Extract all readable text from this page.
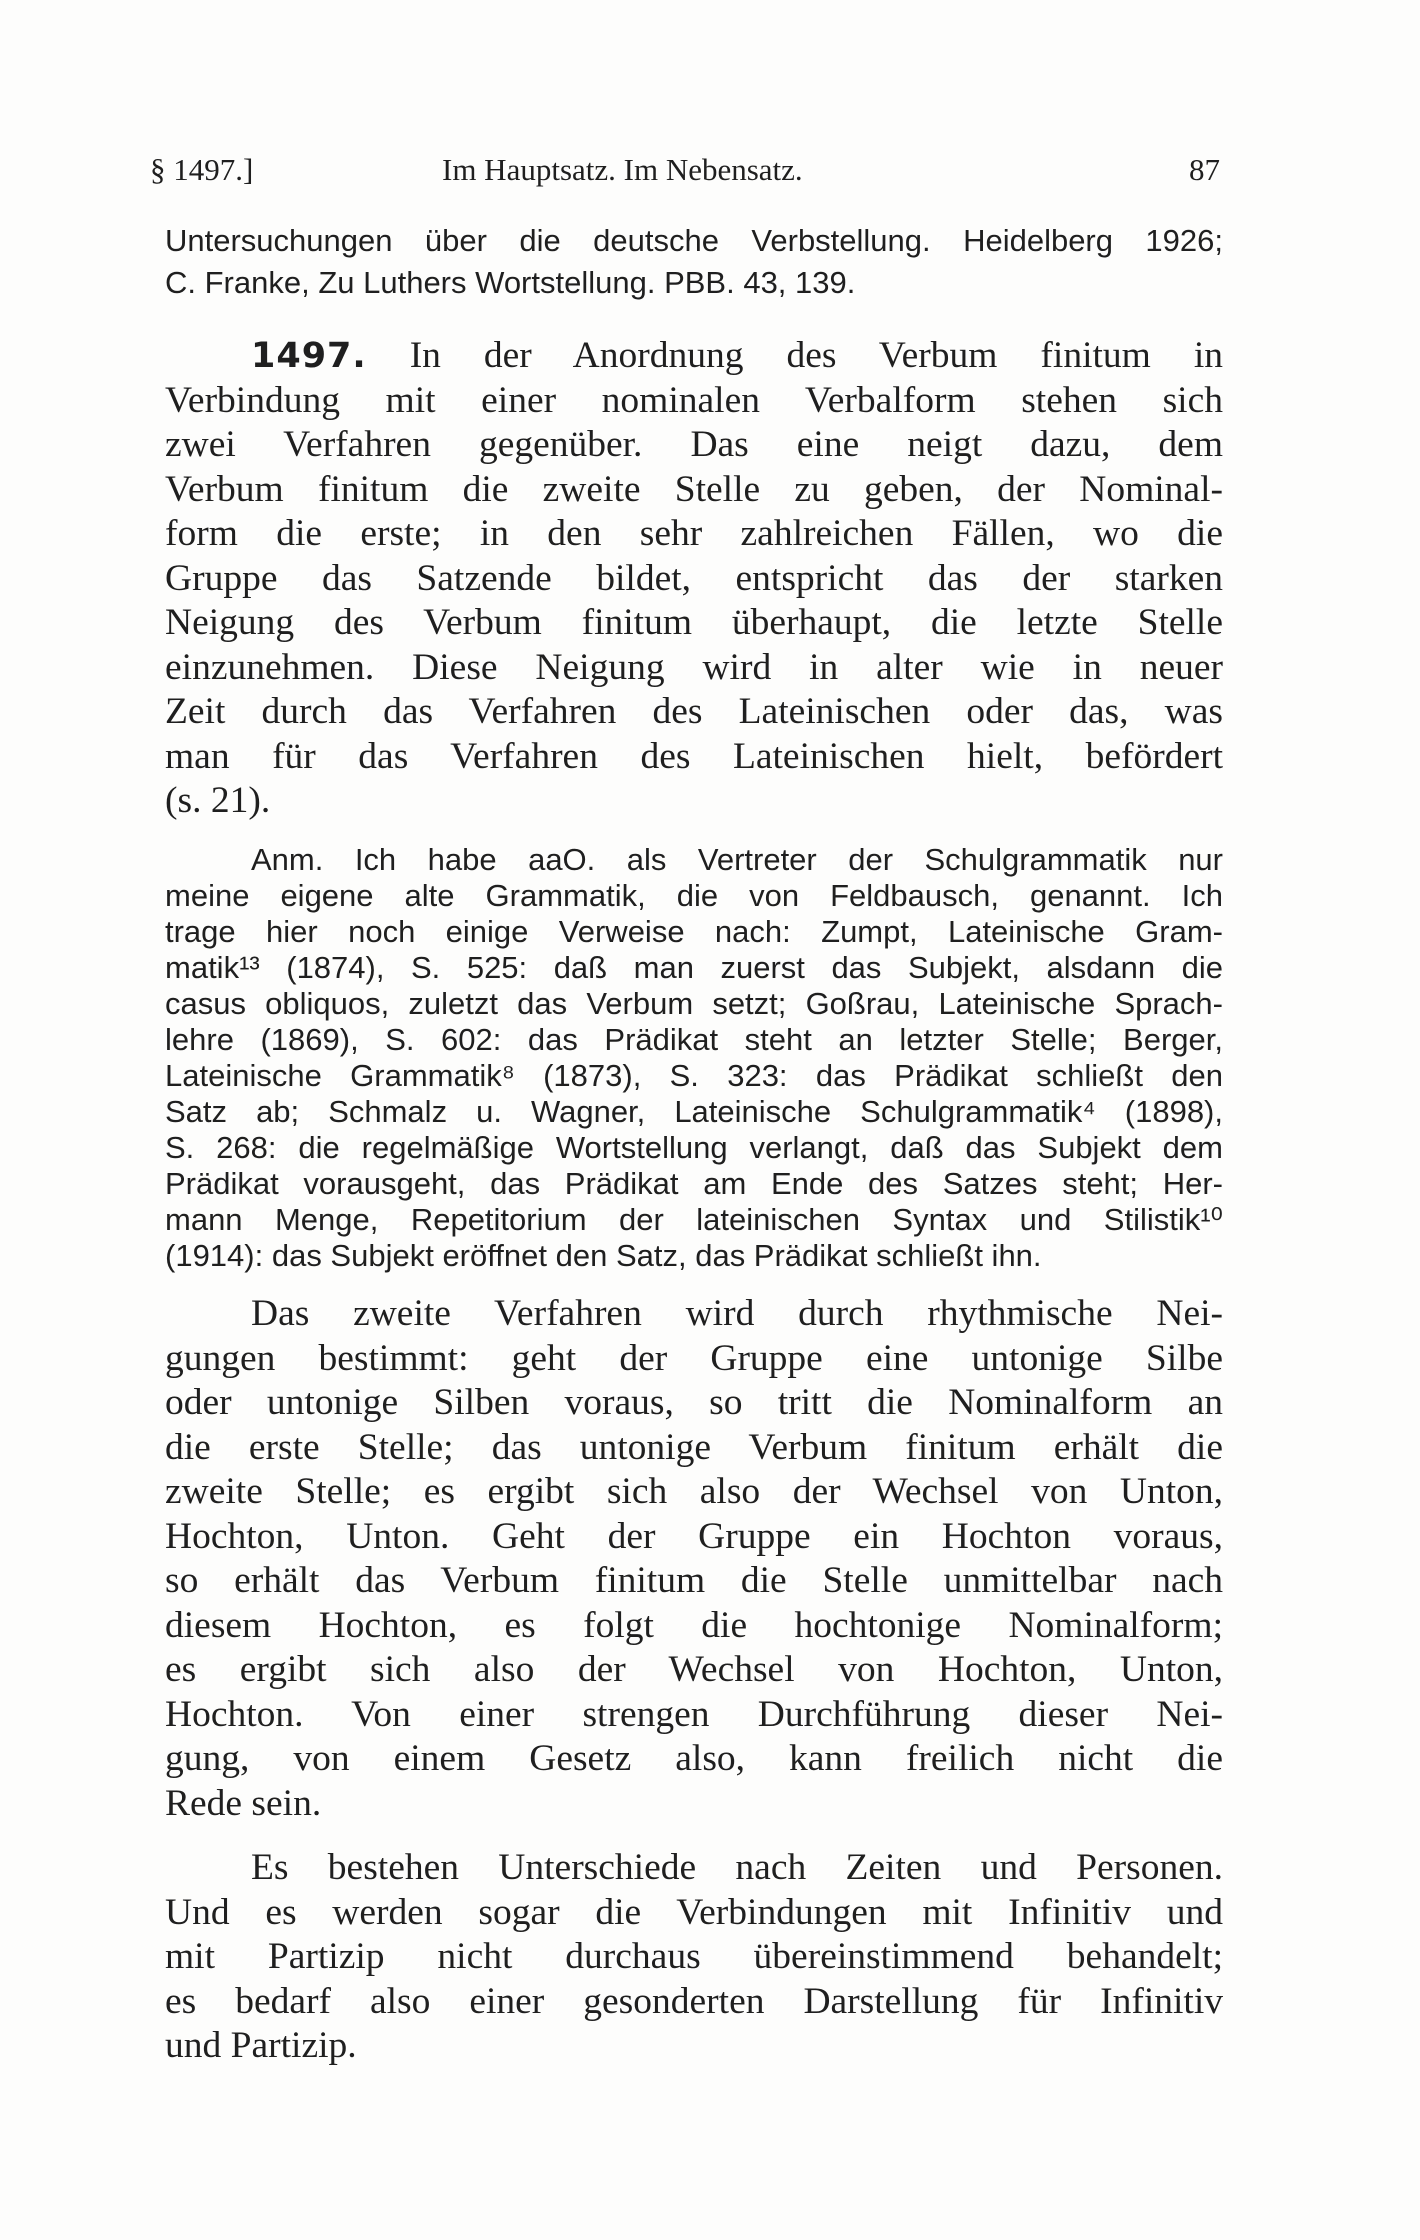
§ 1497.]	Im Hauptsatz. Im Nebensatz.	87
Untersuchungen über die deutsche Verbstellung. Heidelberg 1926;
C. Franke, Zu Luthers Wortstellung. PBB. 43, 139.
1497. In der Anordnung des Verbum finitum in
Verbindung mit einer nominalen Verbalform stehen sich
zwei Verfahren gegenüber. Das eine neigt dazu, dem
Verbum finitum die zweite Stelle zu geben, der Nominal-
form die erste; in den sehr zahlreichen Fällen, wo die
Gruppe das Satzende bildet, entspricht das der starken
Neigung des Verbum finitum überhaupt, die letzte Stelle
einzunehmen. Diese Neigung wird in alter wie in neuer
Zeit durch das Verfahren des Lateinischen oder das, was
man für das Verfahren des Lateinischen hielt, befördert
(s. 21).
Anm. Ich habe aaO. als Vertreter der Schulgrammatik nur
meine eigene alte Grammatik, die von Feldbausch, genannt. Ich
trage hier noch einige Verweise nach: Zumpt, Lateinische Gram-
matik¹³ (1874), S. 525: daß man zuerst das Subjekt, alsdann die
casus obliquos, zuletzt das Verbum setzt; Goßrau, Lateinische Sprach-
lehre (1869), S. 602: das Prädikat steht an letzter Stelle; Berger,
Lateinische Grammatik⁸ (1873), S. 323: das Prädikat schließt den
Satz ab; Schmalz u. Wagner, Lateinische Schulgrammatik⁴ (1898),
S. 268: die regelmäßige Wortstellung verlangt, daß das Subjekt dem
Prädikat vorausgeht, das Prädikat am Ende des Satzes steht; Her-
mann Menge, Repetitorium der lateinischen Syntax und Stilistik¹⁰
(1914): das Subjekt eröffnet den Satz, das Prädikat schließt ihn.
Das zweite Verfahren wird durch rhythmische Nei-
gungen bestimmt: geht der Gruppe eine untonige Silbe
oder untonige Silben voraus, so tritt die Nominalform an
die erste Stelle; das untonige Verbum finitum erhält die
zweite Stelle; es ergibt sich also der Wechsel von Unton,
Hochton, Unton. Geht der Gruppe ein Hochton voraus,
so erhält das Verbum finitum die Stelle unmittelbar nach
diesem Hochton, es folgt die hochtonige Nominalform;
es ergibt sich also der Wechsel von Hochton, Unton,
Hochton. Von einer strengen Durchführung dieser Nei-
gung, von einem Gesetz also, kann freilich nicht die
Rede sein.
Es bestehen Unterschiede nach Zeiten und Personen.
Und es werden sogar die Verbindungen mit Infinitiv und
mit Partizip nicht durchaus übereinstimmend behandelt;
es bedarf also einer gesonderten Darstellung für Infinitiv
und Partizip.
